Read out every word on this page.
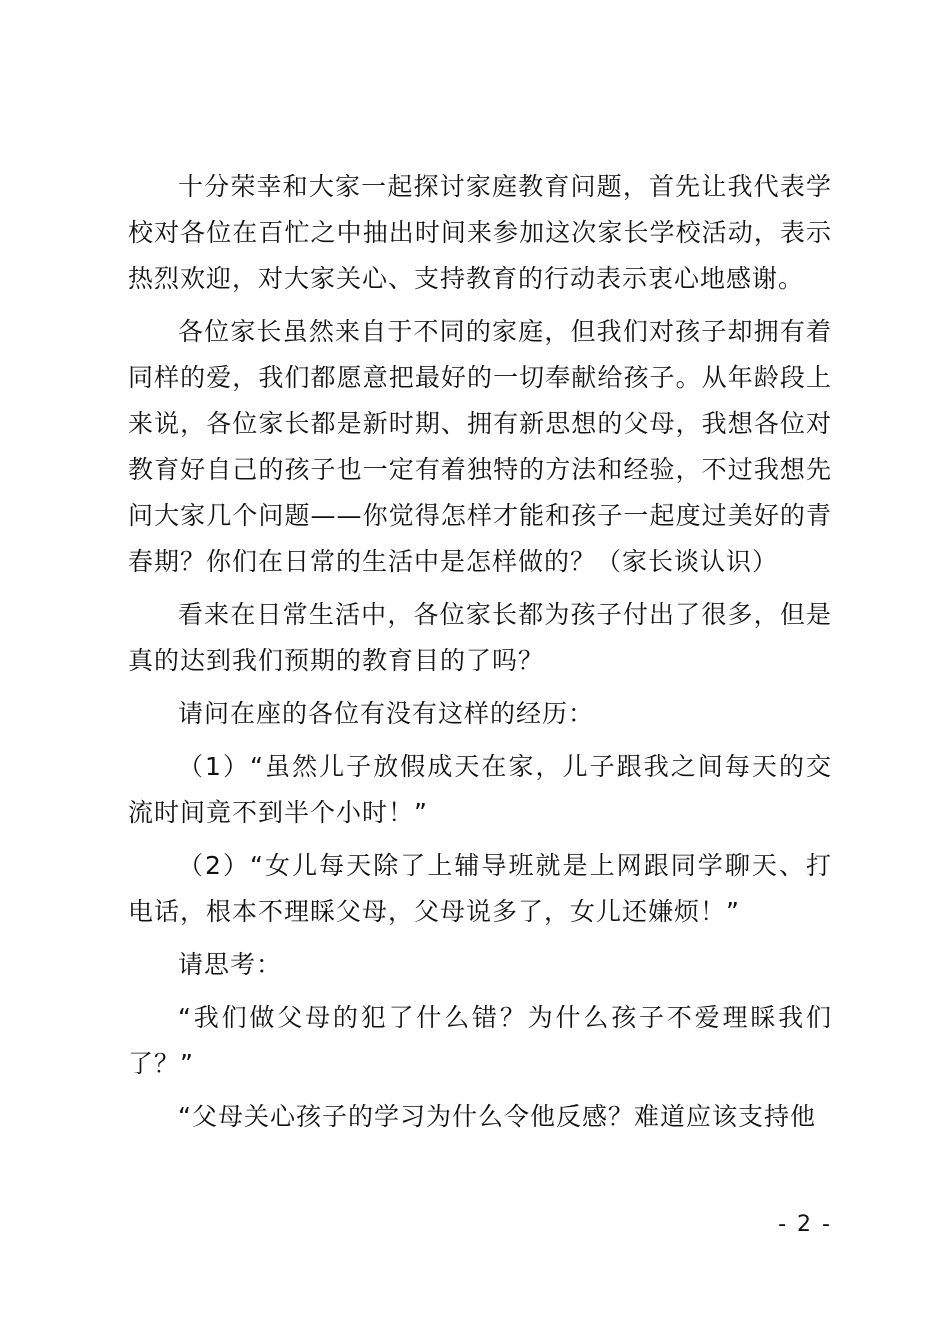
十分荣幸和大家一起探讨家庭教育问题，首先让我代表学校对各位在百忙之中抽出时间来参加这次家长学校活动，表示热烈欢迎，对大家关心、支持教育的行动表示衷心地感谢。

各位家长虽然来自于不同的家庭，但我们对孩子却拥有着同样的爱，我们都愿意把最好的一切奉献给孩子。从年龄段上来说，各位家长都是新时期、拥有新思想的父母，我想各位对教育好自己的孩子也一定有着独特的方法和经验，不过我想先问大家几个问题——你觉得怎样才能和孩子一起度过美好的青春期？你们在日常的生活中是怎样做的？（家长谈认识）

看来在日常生活中，各位家长都为孩子付出了很多，但是真的达到我们预期的教育目的了吗？

请问在座的各位有没有这样的经历：

（1）“虽然儿子放假成天在家，儿子跟我之间每天的交流时间竟不到半个小时！”

（2）“女儿每天除了上辅导班就是上网跟同学聊天、打电话，根本不理睬父母，父母说多了，女儿还嫌烦！”

请思考：

“我们做父母的犯了什么错？为什么孩子不爱理睬我们了？”

“父母关心孩子的学习为什么令他反感？难道应该支持他

- 2 -
